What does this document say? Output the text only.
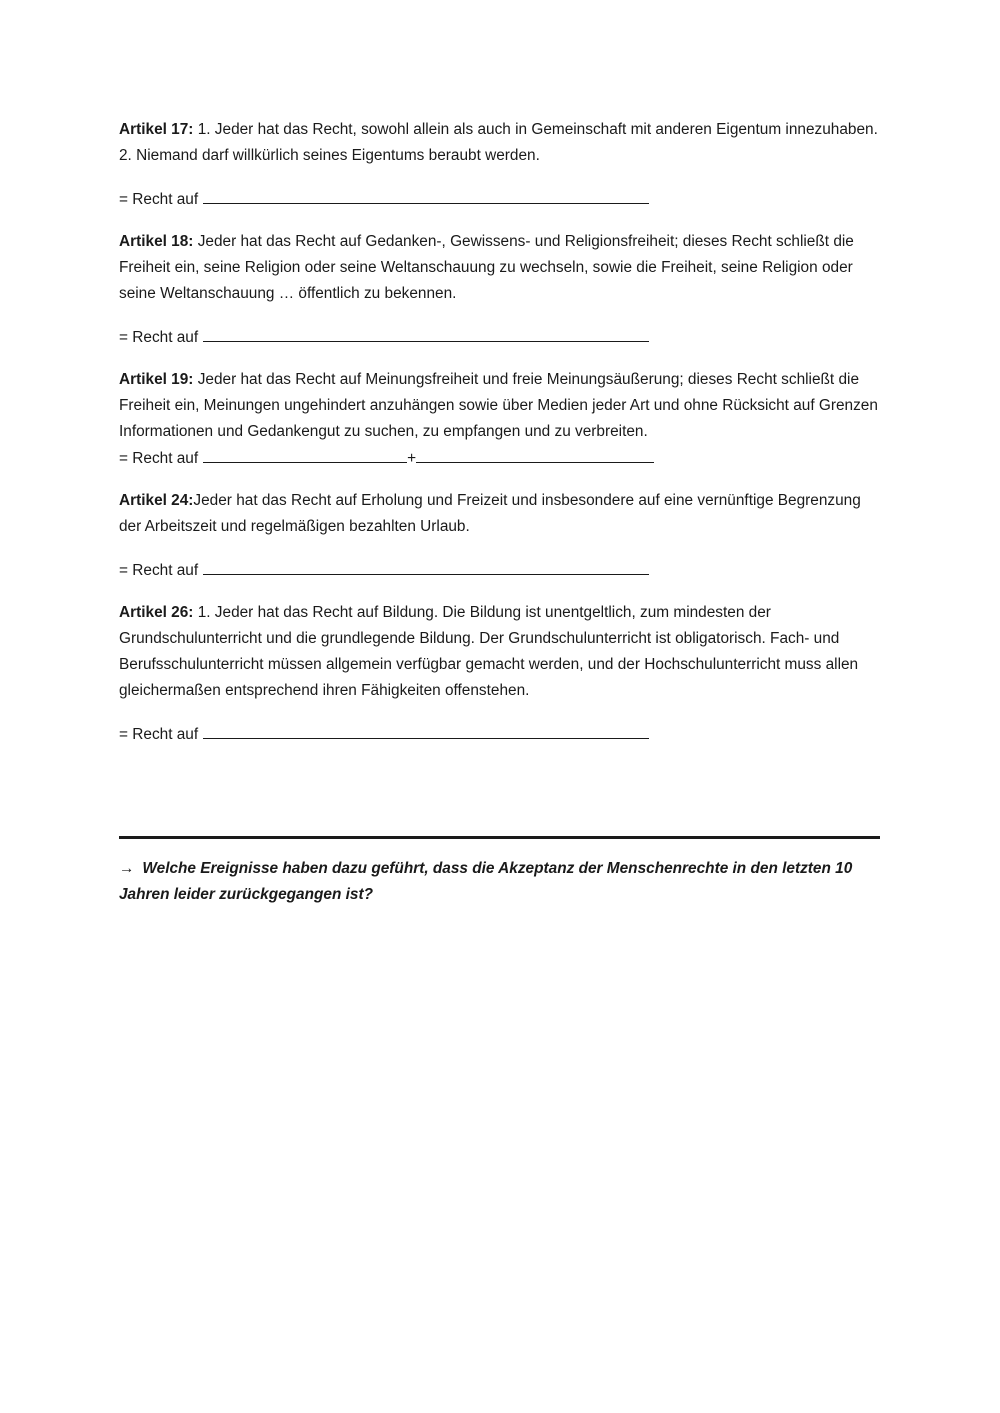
Artikel 17: 1. Jeder hat das Recht, sowohl allein als auch in Gemeinschaft mit anderen Eigentum innezuhaben. 2. Niemand darf willkürlich seines Eigentums beraubt werden.

= Recht auf

Artikel 18: Jeder hat das Recht auf Gedanken-, Gewissens- und Religionsfreiheit; dieses Recht schließt die Freiheit ein, seine Religion oder seine Weltanschauung zu wechseln, sowie die Freiheit, seine Religion oder seine Weltanschauung … öffentlich zu bekennen.

= Recht auf

Artikel 19: Jeder hat das Recht auf Meinungsfreiheit und freie Meinungsäußerung; dieses Recht schließt die Freiheit ein, Meinungen ungehindert anzuhängen sowie über Medien jeder Art und ohne Rücksicht auf Grenzen Informationen und Gedankengut zu suchen, zu empfangen und zu verbreiten.

= Recht auf	+

Artikel 24:Jeder hat das Recht auf Erholung und Freizeit und insbesondere auf eine vernünftige Begrenzung der Arbeitszeit und regelmäßigen bezahlten Urlaub.

= Recht auf

Artikel 26: 1. Jeder hat das Recht auf Bildung. Die Bildung ist unentgeltlich, zum mindesten der Grundschulunterricht und die grundlegende Bildung. Der Grundschulunterricht ist obligatorisch. Fach- und Berufsschulunterricht müssen allgemein verfügbar gemacht werden, und der Hochschulunterricht muss allen gleichermaßen entsprechend ihren Fähigkeiten offenstehen.

= Recht auf

→ Welche Ereignisse haben dazu geführt, dass die Akzeptanz der Menschenrechte in den letzten 10 Jahren leider zurückgegangen ist?
